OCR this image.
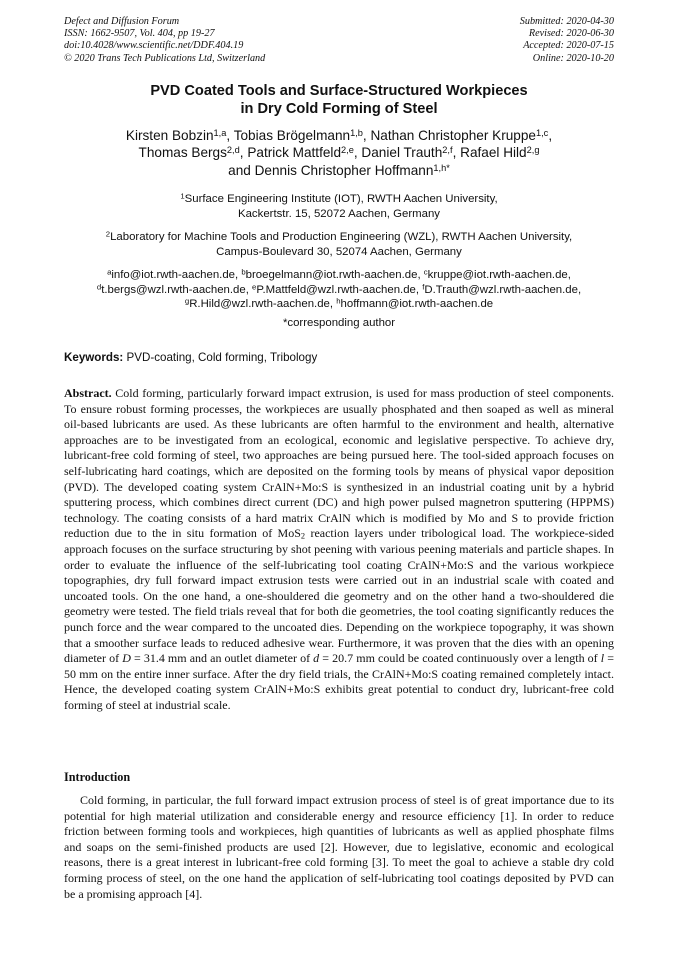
Defect and Diffusion Forum
ISSN: 1662-9507, Vol. 404, pp 19-27
doi:10.4028/www.scientific.net/DDF.404.19
© 2020 Trans Tech Publications Ltd, Switzerland
Submitted: 2020-04-30
Revised: 2020-06-30
Accepted: 2020-07-15
Online: 2020-10-20
PVD Coated Tools and Surface-Structured Workpieces
in Dry Cold Forming of Steel
Kirsten Bobzin$^{1,a}$, Tobias Brögelmann$^{1,b}$, Nathan Christopher Kruppe$^{1,c}$,
Thomas Bergs$^{2,d}$, Patrick Mattfeld$^{2,e}$, Daniel Trauth$^{2,f}$, Rafael Hild$^{2,g}$
and Dennis Christopher Hoffmann$^{1,h*}$
$^1$Surface Engineering Institute (IOT), RWTH Aachen University,
Kackertstr. 15, 52072 Aachen, Germany
$^2$Laboratory for Machine Tools and Production Engineering (WZL), RWTH Aachen University,
Campus-Boulevard 30, 52074 Aachen, Germany
$^a$info@iot.rwth-aachen.de, $^b$broegelmann@iot.rwth-aachen.de, $^c$kruppe@iot.rwth-aachen.de,
$^d$t.bergs@wzl.rwth-aachen.de, $^e$P.Mattfeld@wzl.rwth-aachen.de, $^f$D.Trauth@wzl.rwth-aachen.de,
$^g$R.Hild@wzl.rwth-aachen.de, $^h$hoffmann@iot.rwth-aachen.de
*corresponding author
Keywords: PVD-coating, Cold forming, Tribology
Abstract. Cold forming, particularly forward impact extrusion, is used for mass production of steel components. To ensure robust forming processes, the workpieces are usually phosphated and then soaped as well as mineral oil-based lubricants are used. As these lubricants are often harmful to the environment and health, alternative approaches are to be investigated from an ecological, economic and legislative perspective. To achieve dry, lubricant-free cold forming of steel, two approaches are being pursued here. The tool-sided approach focuses on self-lubricating hard coatings, which are deposited on the forming tools by means of physical vapor deposition (PVD). The developed coating system CrAlN+Mo:S is synthesized in an industrial coating unit by a hybrid sputtering process, which combines direct current (DC) and high power pulsed magnetron sputtering (HPPMS) technology. The coating consists of a hard matrix CrAlN which is modified by Mo and S to provide friction reduction due to the in situ formation of MoS$_2$ reaction layers under tribological load. The workpiece-sided approach focuses on the surface structuring by shot peening with various peening materials and particle shapes. In order to evaluate the influence of the self-lubricating tool coating CrAlN+Mo:S and the various workpiece topographies, dry full forward impact extrusion tests were carried out in an industrial scale with coated and uncoated tools. On the one hand, a one-shouldered die geometry and on the other hand a two-shouldered die geometry were tested. The field trials reveal that for both die geometries, the tool coating significantly reduces the punch force and the wear compared to the uncoated dies. Depending on the workpiece topography, it was shown that a smoother surface leads to reduced adhesive wear. Furthermore, it was proven that the dies with an opening diameter of D = 31.4 mm and an outlet diameter of d = 20.7 mm could be coated continuously over a length of l = 50 mm on the entire inner surface. After the dry field trials, the CrAlN+Mo:S coating remained completely intact. Hence, the developed coating system CrAlN+Mo:S exhibits great potential to conduct dry, lubricant-free cold forming of steel at industrial scale.
Introduction
Cold forming, in particular, the full forward impact extrusion process of steel is of great importance due to its potential for high material utilization and considerable energy and resource efficiency [1]. In order to reduce friction between forming tools and workpieces, high quantities of lubricants as well as applied phosphate films and soaps on the semi-finished products are used [2]. However, due to legislative, economic and ecological reasons, there is a great interest in lubricant-free cold forming [3]. To meet the goal to achieve a stable dry cold forming process of steel, on the one hand the application of self-lubricating tool coatings deposited by PVD can be a promising approach [4].
